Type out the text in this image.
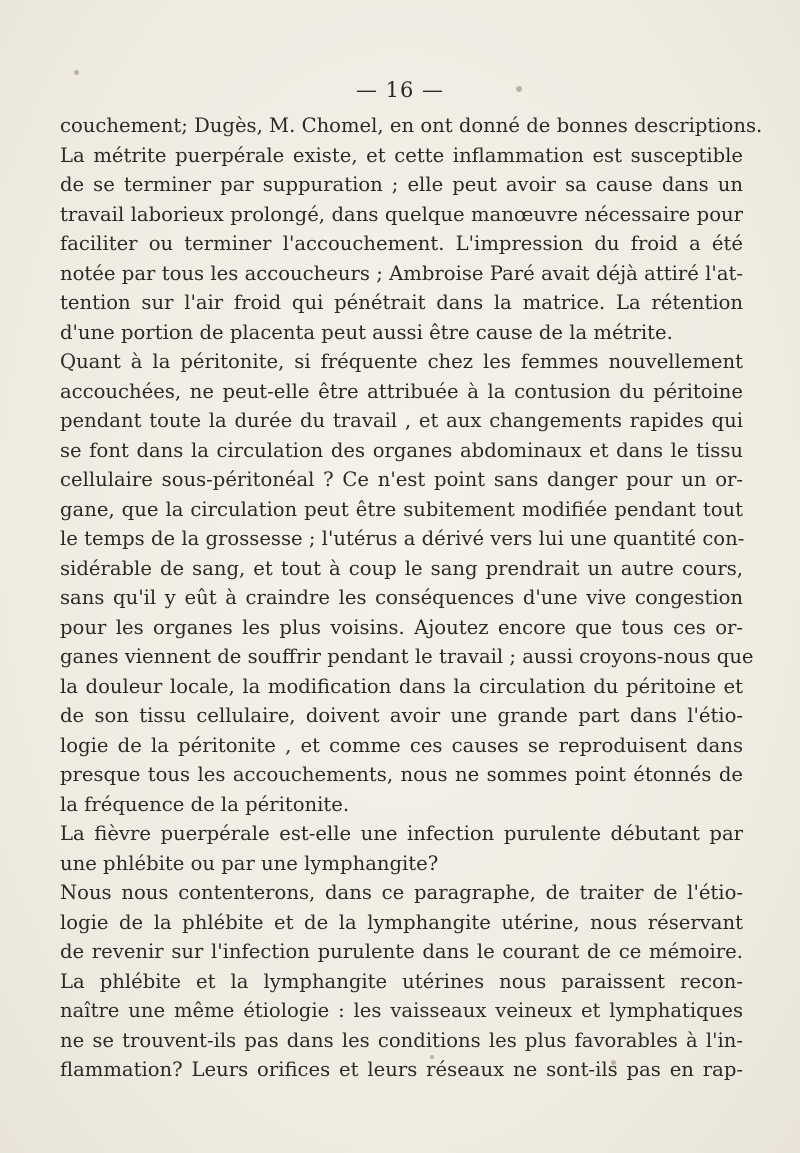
— 16 —
couchement; Dugès, M. Chomel, en ont donné de bonnes descriptions.
La métrite puerpérale existe, et cette inflammation est susceptible
de se terminer par suppuration ; elle peut avoir sa cause dans un
travail laborieux prolongé, dans quelque manœuvre nécessaire pour
faciliter ou terminer l'accouchement. L'impression du froid a été
notée par tous les accoucheurs ; Ambroise Paré avait déjà attiré l'at-
tention sur l'air froid qui pénétrait dans la matrice. La rétention
d'une portion de placenta peut aussi être cause de la métrite.
Quant à la péritonite, si fréquente chez les femmes nouvellement
accouchées, ne peut-elle être attribuée à la contusion du péritoine
pendant toute la durée du travail , et aux changements rapides qui
se font dans la circulation des organes abdominaux et dans le tissu
cellulaire sous-péritonéal ? Ce n'est point sans danger pour un or-
gane, que la circulation peut être subitement modifiée pendant tout
le temps de la grossesse ; l'utérus a dérivé vers lui une quantité con-
sidérable de sang, et tout à coup le sang prendrait un autre cours,
sans qu'il y eût à craindre les conséquences d'une vive congestion
pour les organes les plus voisins. Ajoutez encore que tous ces or-
ganes viennent de souffrir pendant le travail ; aussi croyons-nous que
la douleur locale, la modification dans la circulation du péritoine et
de son tissu cellulaire, doivent avoir une grande part dans l'étio-
logie de la péritonite , et comme ces causes se reproduisent dans
presque tous les accouchements, nous ne sommes point étonnés de
la fréquence de la péritonite.
La fièvre puerpérale est-elle une infection purulente débutant par
une phlébite ou par une lymphangite?
Nous nous contenterons, dans ce paragraphe, de traiter de l'étio-
logie de la phlébite et de la lymphangite utérine, nous réservant
de revenir sur l'infection purulente dans le courant de ce mémoire.
La phlébite et la lymphangite utérines nous paraissent recon-
naître une même étiologie : les vaisseaux veineux et lymphatiques
ne se trouvent-ils pas dans les conditions les plus favorables à l'in-
flammation? Leurs orifices et leurs réseaux ne sont-ils pas en rap-
